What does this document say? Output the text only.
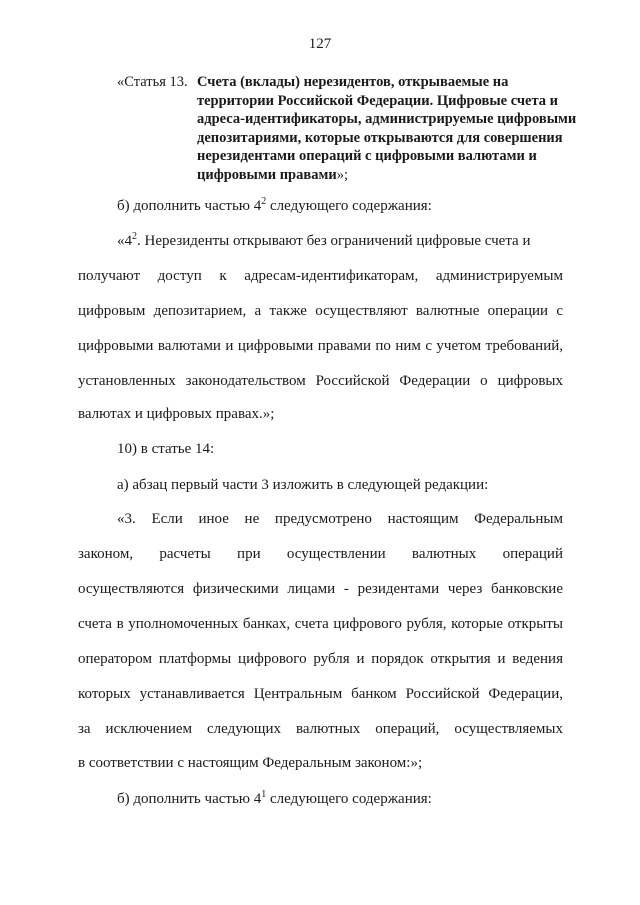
127
«Статья 13. Счета (вклады) нерезидентов, открываемые на территории Российской Федерации. Цифровые счета и адреса-идентификаторы, администрируемые цифровыми депозитариями, которые открываются для совершения нерезидентами операций с цифровыми валютами и цифровыми правами»;
б) дополнить частью $4^2$ следующего содержания:
«$4^2$. Нерезиденты открывают без ограничений цифровые счета и
получают доступ к адресам-идентификаторам, администрируемым
цифровым депозитарием, а также осуществляют валютные операции с
цифровыми валютами и цифровыми правами по ним с учетом требований,
установленных законодательством Российской Федерации о цифровых
валютах и цифровых правах.»;
10) в статье 14:
а) абзац первый части 3 изложить в следующей редакции:
«3. Если иное не предусмотрено настоящим Федеральным
законом, расчеты при осуществлении валютных операций
осуществляются физическими лицами - резидентами через банковские
счета в уполномоченных банках, счета цифрового рубля, которые открыты
оператором платформы цифрового рубля и порядок открытия и ведения
которых устанавливается Центральным банком Российской Федерации,
за исключением следующих валютных операций, осуществляемых
в соответствии с настоящим Федеральным законом:»;
б) дополнить частью $4^1$ следующего содержания:
